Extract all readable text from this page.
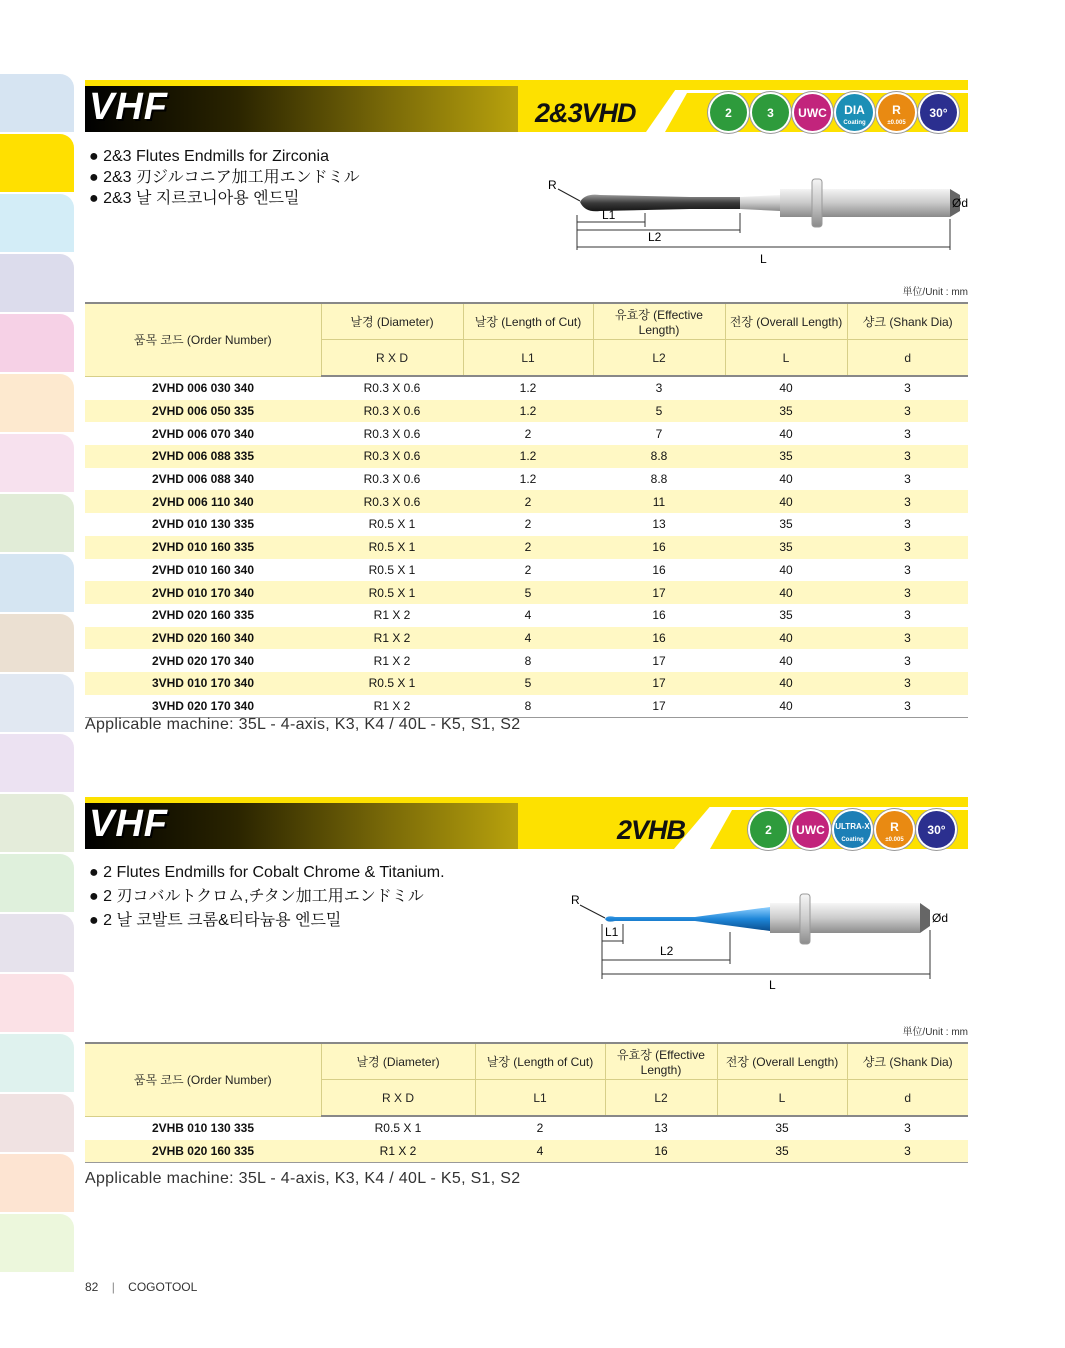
VHF	2&3VHD	2	3 UWC DIA
Coating
R
±0.005
30°
● 2&3 Flutes Endmills for Zirconia
● 2&3 刃ジルコニア加工用エンドミル
● 2&3 날 지르코니아용 엔드밀
R
L1
L2
L
Ød
単位/Unit : mm
품목 코드 (Order Number)	날경 (Diameter)	날장 (Length of Cut)	유효장 (Effective Length)	전장 (Overall Length)	샹크 (Shank Dia)
	R X D	L1	L2	L	d
2VHD 006 030 340	R0.3 X 0.6	1.2	3	40	3
2VHD 006 050 335	R0.3 X 0.6	1.2	5	35	3
2VHD 006 070 340	R0.3 X 0.6	2	7	40	3
2VHD 006 088 335	R0.3 X 0.6	1.2	8.8	35	3
2VHD 006 088 340	R0.3 X 0.6	1.2	8.8	40	3
2VHD 006 110 340	R0.3 X 0.6	2	11	40	3
2VHD 010 130 335	R0.5 X 1	2	13	35	3
2VHD 010 160 335	R0.5 X 1	2	16	35	3
2VHD 010 160 340	R0.5 X 1	2	16	40	3
2VHD 010 170 340	R0.5 X 1	5	17	40	3
2VHD 020 160 335	R1 X 2	4	16	35	3
2VHD 020 160 340	R1 X 2	4	16	40	3
2VHD 020 170 340	R1 X 2	8	17	40	3
3VHD 010 170 340	R0.5 X 1	5	17	40	3
3VHD 020 170 340	R1 X 2	8	17	40	3
Applicable machine: 35L - 4-axis, K3, K4 / 40L - K5, S1, S2
VHF	2VHB	2 UWC ULTRA-X
Coating
R
±0.005
30°
● 2 Flutes Endmills for Cobalt Chrome & Titanium.
● 2 刃コバルトクロム,チタン加工用エンドミル
● 2 날 코발트 크롬&티타늄용 엔드밀
R
L1
L2
L
Ød
単位/Unit : mm
품목 코드 (Order Number)	날경 (Diameter)	날장 (Length of Cut)	유효장 (Effective Length)	전장 (Overall Length)	샹크 (Shank Dia)
	R X D	L1	L2	L	d
2VHB 010 130 335	R0.5 X 1	2	13	35	3
2VHB 020 160 335	R1 X 2	4	16	35	3
Applicable machine: 35L - 4-axis, K3, K4 / 40L - K5, S1, S2
82 | COGOTOOL
